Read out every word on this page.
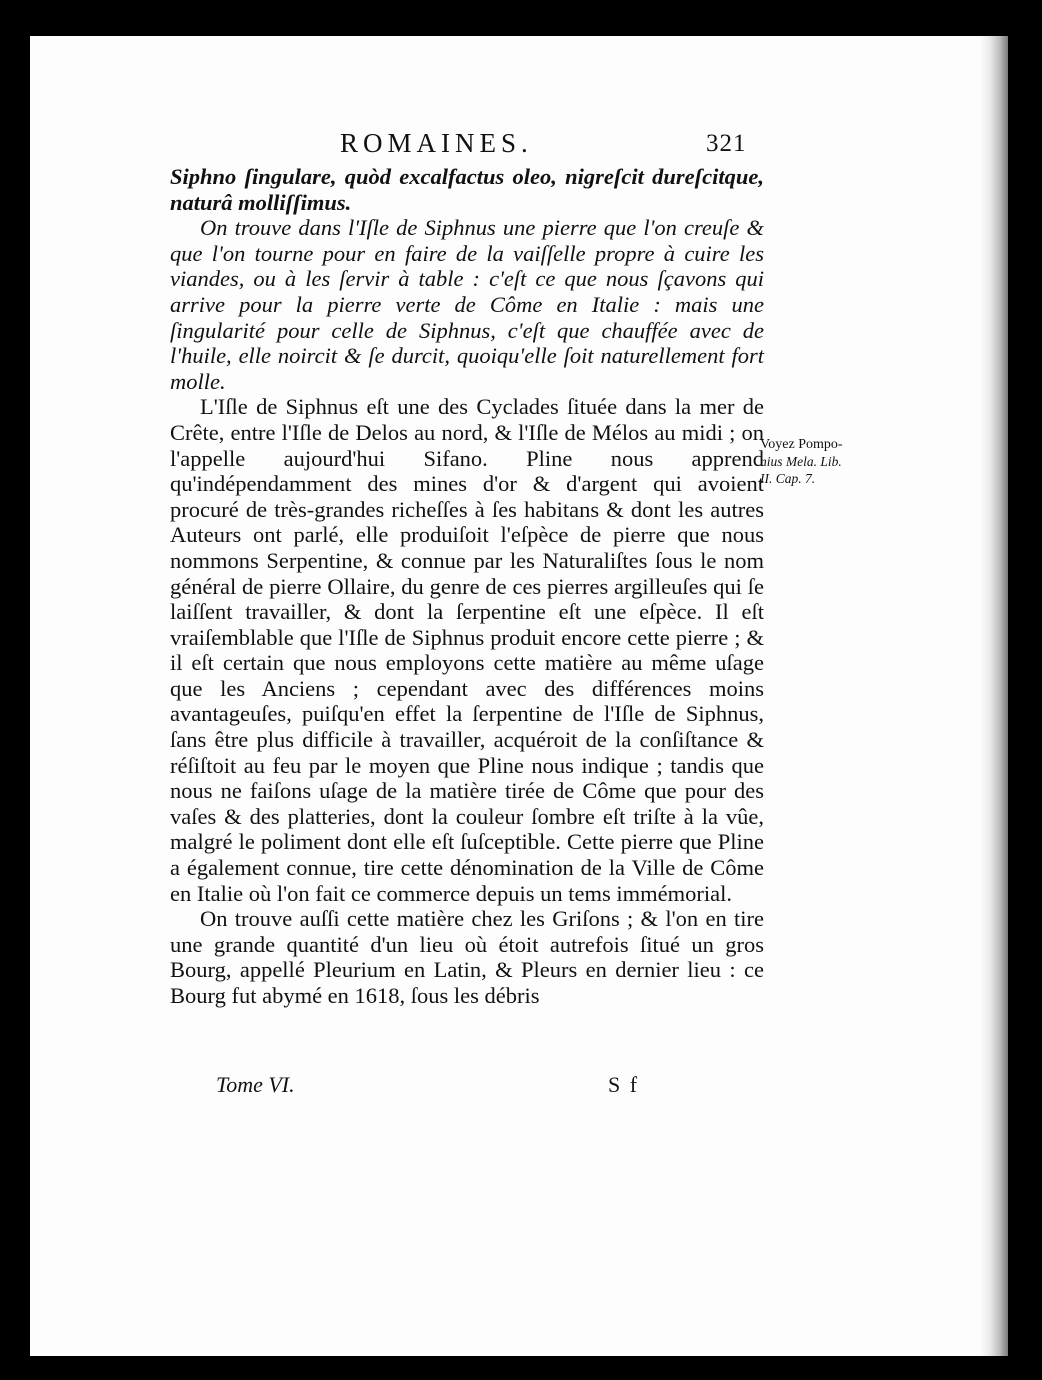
ROMAINES.	321

Siphno ſingulare, quòd excalfactus oleo, nigreſcit dureſcitque, naturâ molliſſimus.

On trouve dans l'Iſle de Siphnus une pierre que l'on creuſe & que l'on tourne pour en faire de la vaiſſelle propre à cuire les viandes, ou à les ſervir à table : c'eſt ce que nous ſçavons qui arrive pour la pierre verte de Côme en Italie : mais une ſingularité pour celle de Siphnus, c'eſt que chauffée avec de l'huile, elle noircit & ſe durcit, quoiqu'elle ſoit naturellement fort molle.

L'Iſle de Siphnus eſt une des Cyclades ſituée dans la mer de Crête, entre l'Iſle de Delos au nord, & l'Iſle de Mélos au midi ; on l'appelle aujourd'hui Sifano. Pline nous apprend qu'indépendamment des mines d'or & d'argent qui avoient procuré de très-grandes richeſſes à ſes habitans & dont les autres Auteurs ont parlé, elle produiſoit l'eſpèce de pierre que nous nommons Serpentine, & connue par les Naturaliſtes ſous le nom général de pierre Ollaire, du genre de ces pierres argilleuſes qui ſe laiſſent travailler, & dont la ſerpentine eſt une eſpèce. Il eſt vraiſemblable que l'Iſle de Siphnus produit encore cette pierre ; & il eſt certain que nous employons cette matière au même uſage que les Anciens ; cependant avec des différences moins avantageuſes, puiſqu'en effet la ſerpentine de l'Iſle de Siphnus, ſans être plus difficile à travailler, acquéroit de la conſiſtance & réſiſtoit au feu par le moyen que Pline nous indique ; tandis que nous ne faiſons uſage de la matière tirée de Côme que pour des vaſes & des platteries, dont la couleur ſombre eſt triſte à la vûe, malgré le poliment dont elle eſt ſuſceptible. Cette pierre que Pline a également connue, tire cette dénomination de la Ville de Côme en Italie où l'on fait ce commerce depuis un tems immémorial.

On trouve auſſi cette matière chez les Griſons ; & l'on en tire une grande quantité d'un lieu où étoit autrefois ſitué un gros Bourg, appellé Pleurium en Latin, & Pleurs en dernier lieu : ce Bourg fut abymé en 1618, ſous les débris

Voyez Pompo-
nius Mela. Lib.
II. Cap. 7.
Tome VI.	S f
